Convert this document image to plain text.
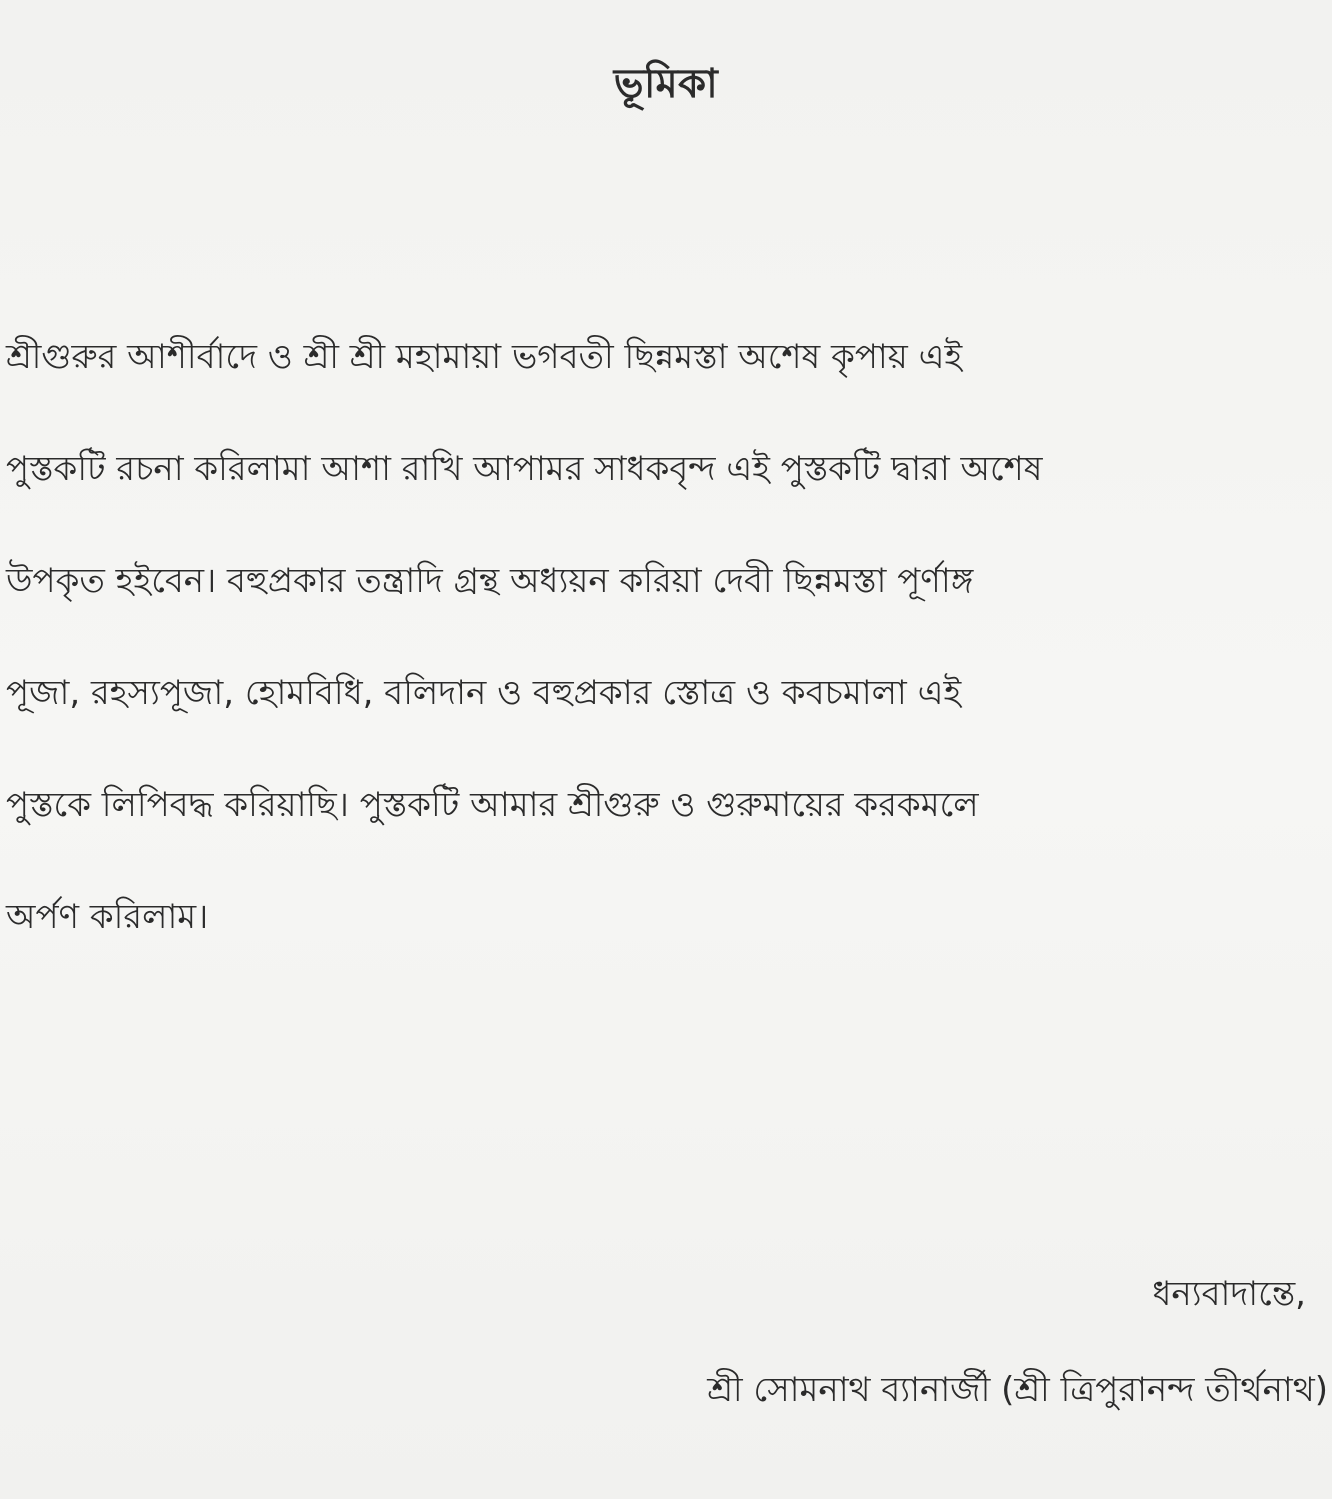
ভূমিকা
শ্রীগুরুর আশীর্বাদে ও শ্রী শ্রী মহামায়া ভগবতী ছিন্নমস্তা অশেষ কৃপায় এই
পুস্তকটি রচনা করিলামা আশা রাখি আপামর সাধকবৃন্দ এই পুস্তকটি দ্বারা অশেষ
উপকৃত হইবেন। বহুপ্রকার তন্ত্রাদি গ্রন্থ অধ্যয়ন করিয়া দেবী ছিন্নমস্তা পূর্ণাঙ্গ
পূজা, রহস্যপূজা, হোমবিধি, বলিদান ও বহুপ্রকার স্তোত্র ও কবচমালা এই
পুস্তকে লিপিবদ্ধ করিয়াছি। পুস্তকটি আমার শ্রীগুরু ও গুরুমায়ের করকমলে
অর্পণ করিলাম।
ধন্যবাদান্তে,
শ্রী সোমনাথ ব্যানার্জী (শ্রী ত্রিপুরানন্দ তীর্থনাথ)
